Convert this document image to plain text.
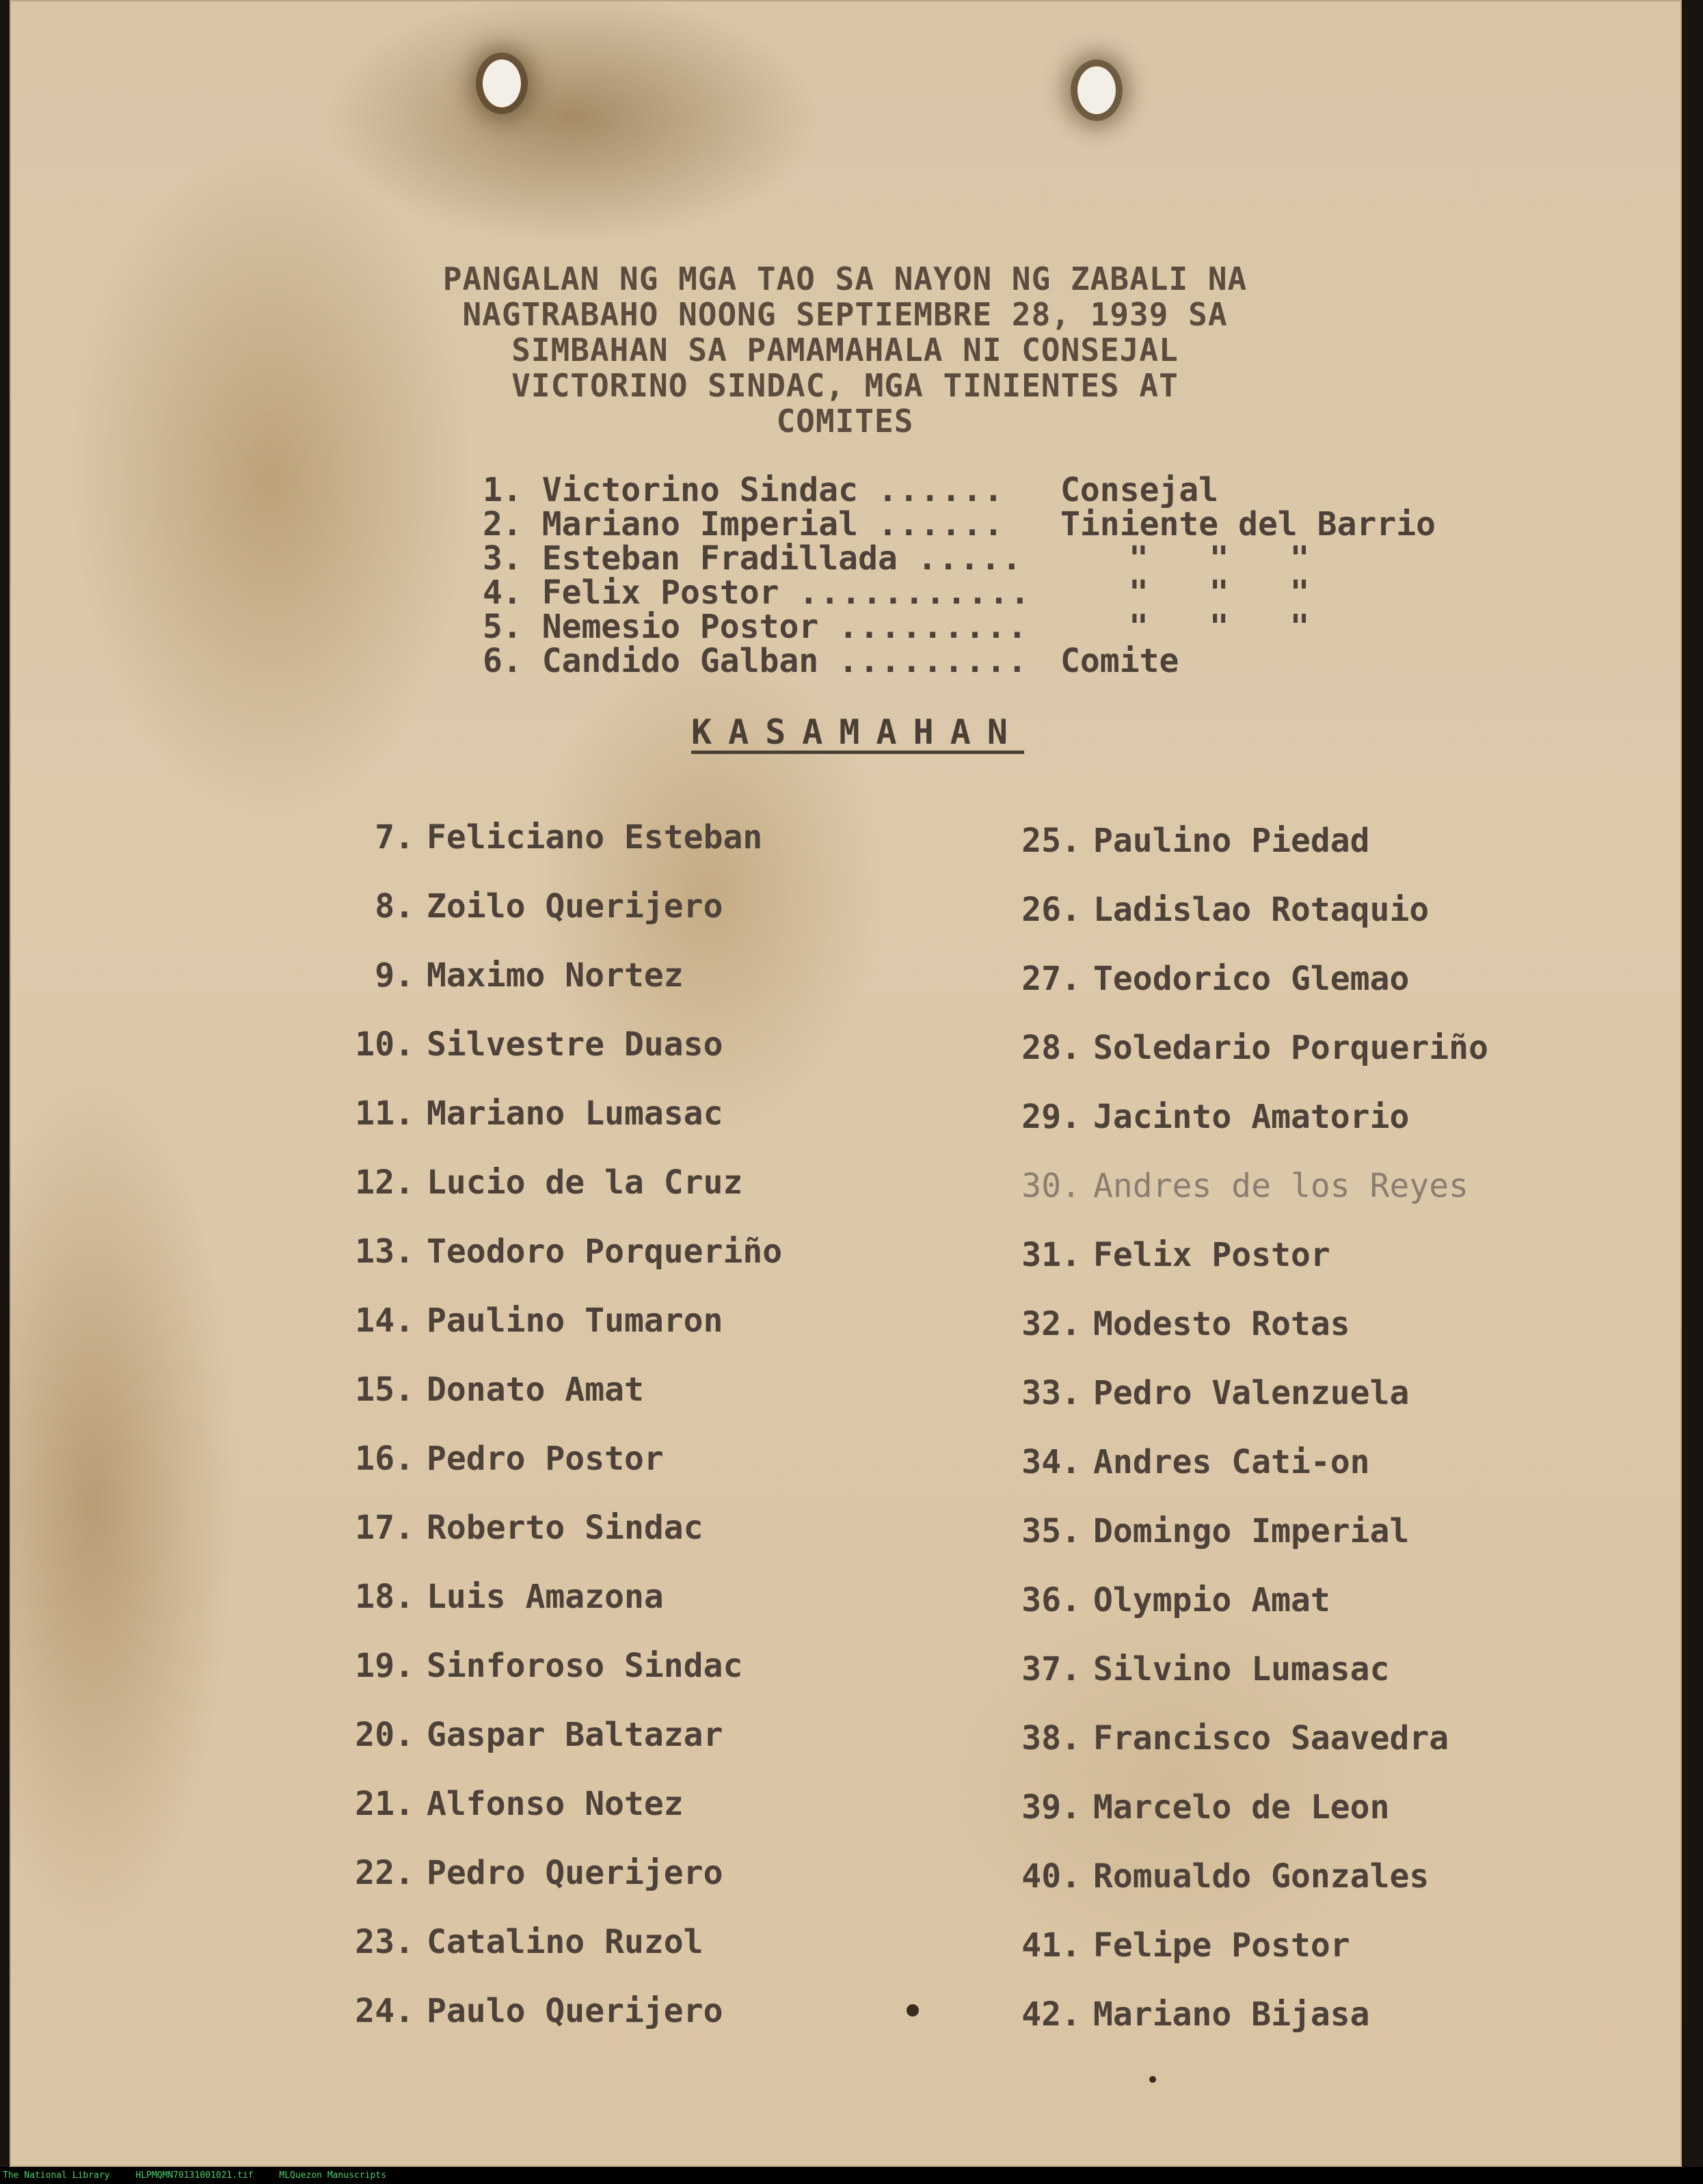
PANGALAN NG MGA TAO SA NAYON NG ZABALI NA
NAGTRABAHO NOONG SEPTIEMBRE 28, 1939 SA
SIMBAHAN SA PAMAMAHALA NI CONSEJAL
VICTORINO SINDAC, MGA TINIENTES AT
COMITES
1. Victorino Sindac ......	Consejal
2. Mariano Imperial ......	Tiniente del Barrio
3. Esteban Fradillada .....	" " "
4. Felix Postor ...........	" " "
5. Nemesio Postor .........	" " "
6. Candido Galban ......... Comite
KASAMAHAN
7. Feliciano Esteban
8. Zoilo Querijero
9. Maximo Nortez
10. Silvestre Duaso
11. Mariano Lumasac
12. Lucio de la Cruz
13. Teodoro Porqueriño
14. Paulino Tumaron
15. Donato Amat
16. Pedro Postor
17. Roberto Sindac
18. Luis Amazona
19. Sinforoso Sindac
20. Gaspar Baltazar
21. Alfonso Notez
22. Pedro Querijero
23. Catalino Ruzol
24. Paulo Querijero
25. Paulino Piedad
26. Ladislao Rotaquio
27. Teodorico Glemao
28. Soledario Porqueriño
29. Jacinto Amatorio
30. Andres de los Reyes
31. Felix Postor
32. Modesto Rotas
33. Pedro Valenzuela
34. Andres Cati-on
35. Domingo Imperial
36. Olympio Amat
37. Silvino Lumasac
38. Francisco Saavedra
39. Marcelo de Leon
40. Romualdo Gonzales
41. Felipe Postor
42. Mariano Bijasa
The National Library	HLPMQMN70131001021.tif	MLQuezon Manuscripts
